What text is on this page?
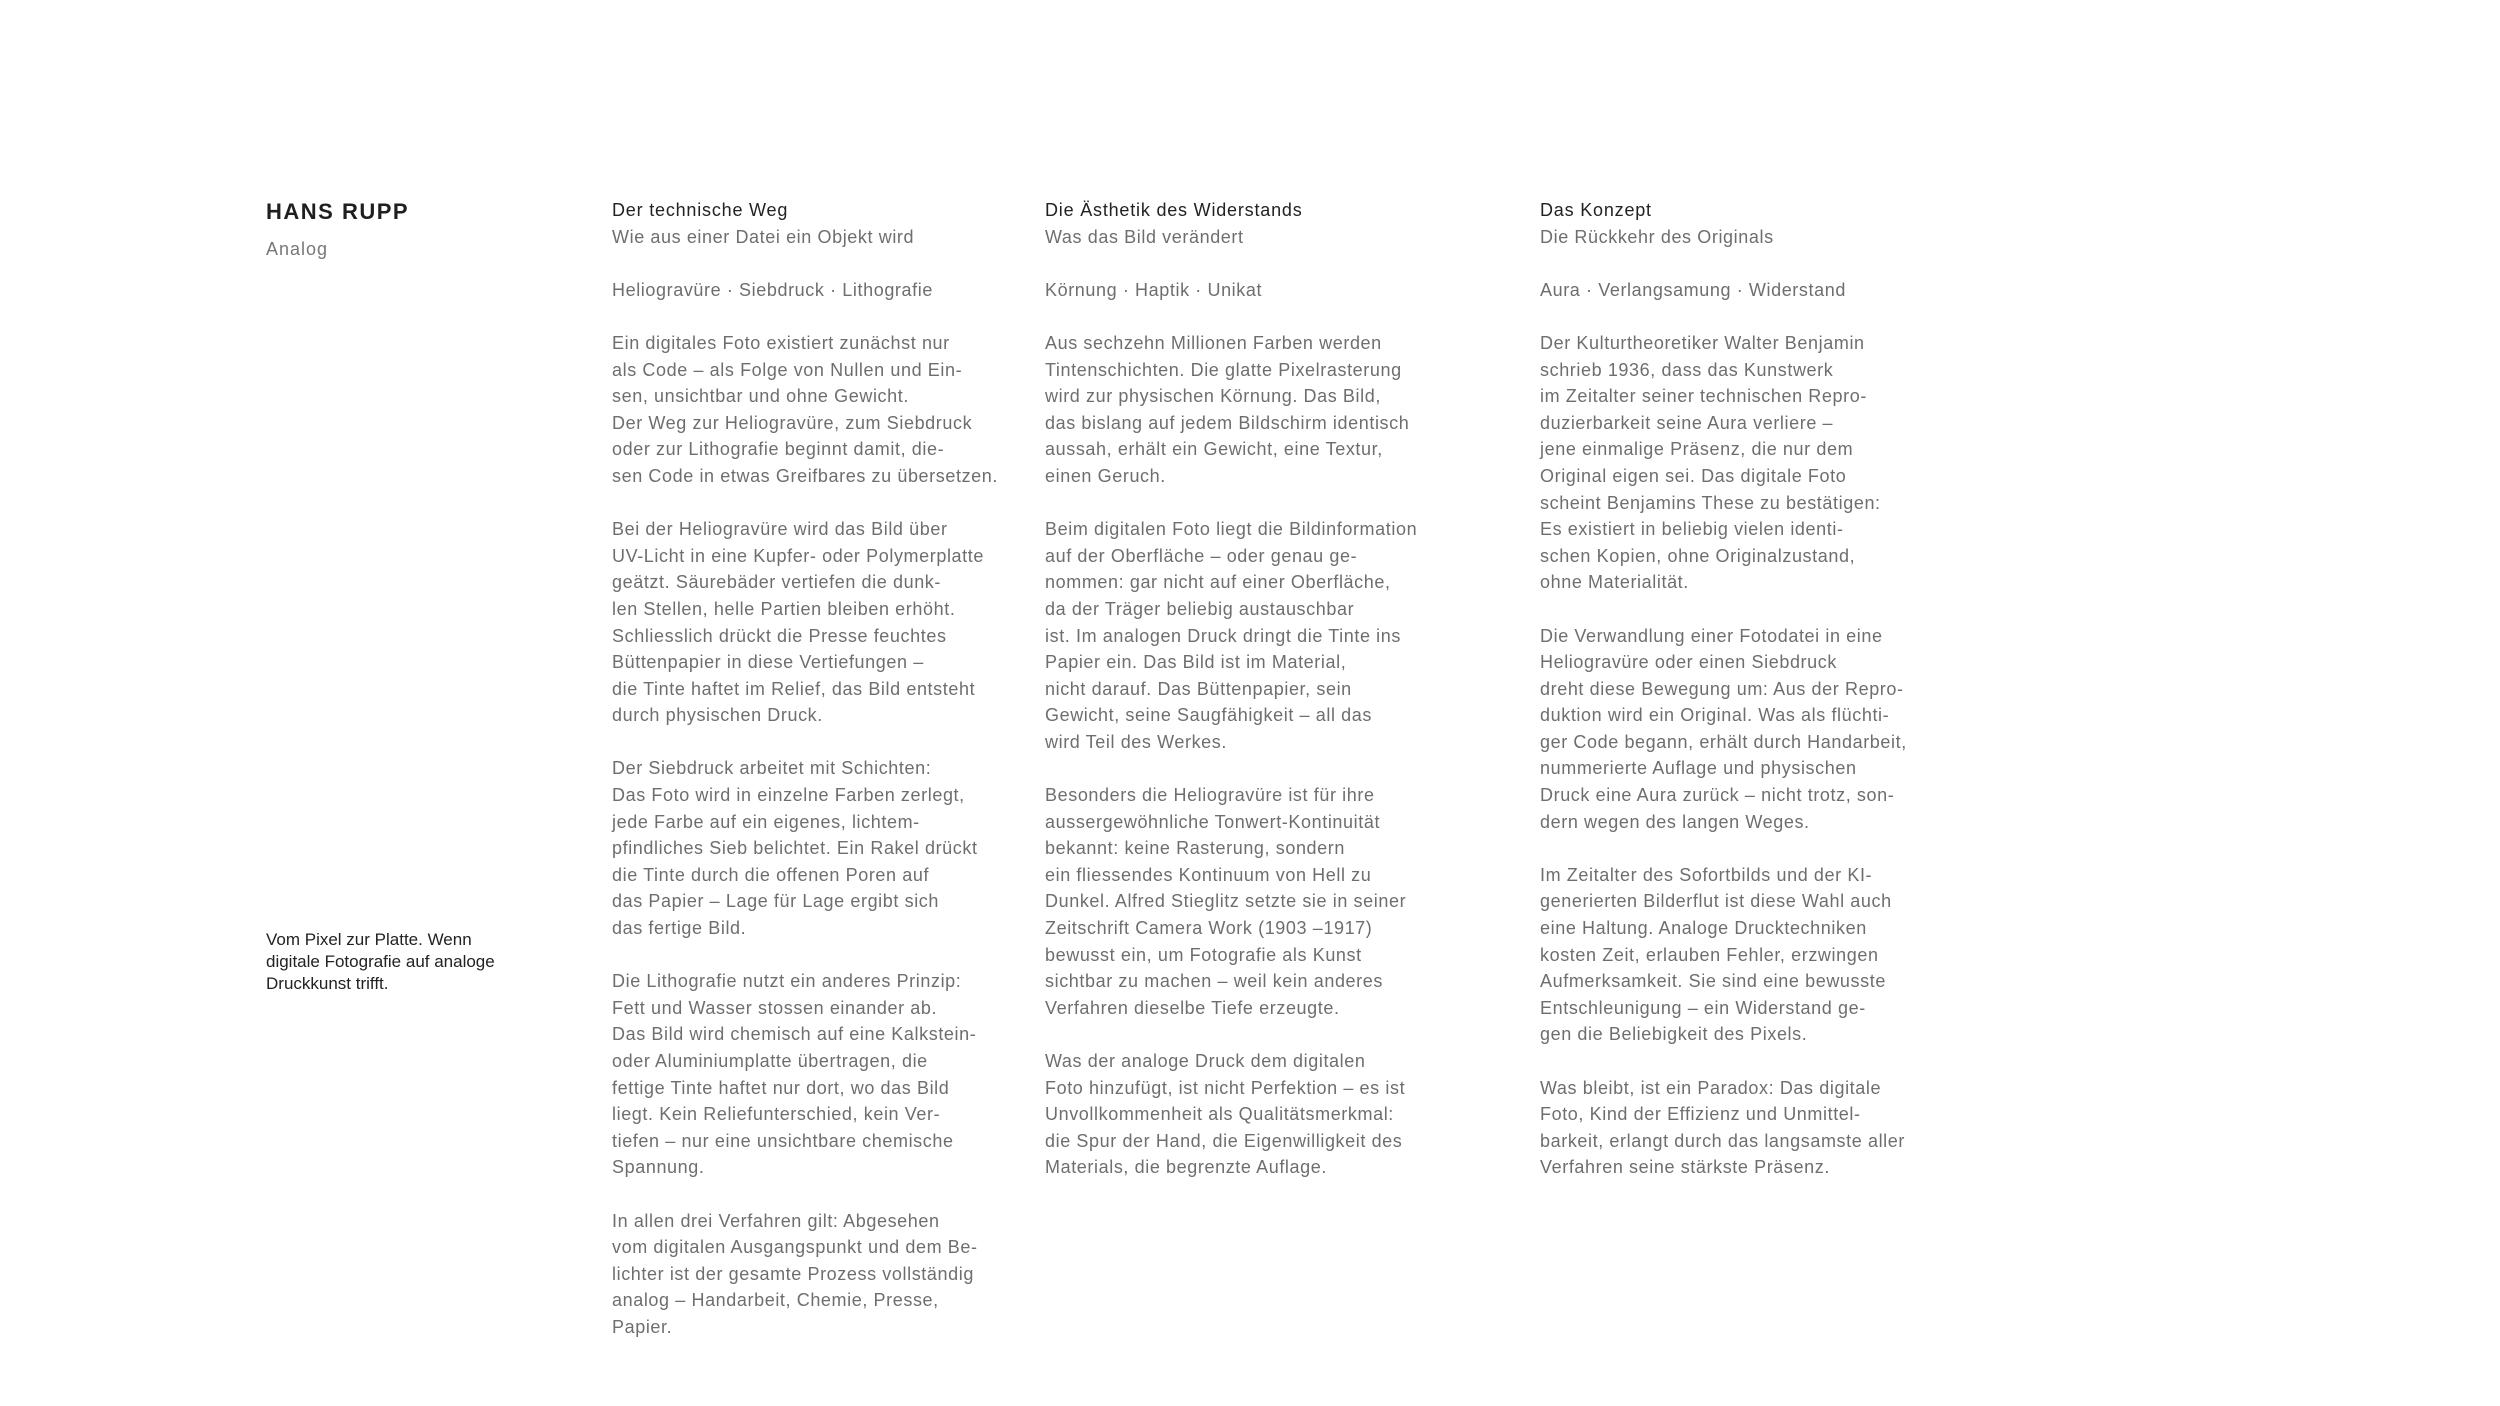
HANS RUPP
Analog
Vom Pixel zur Platte. Wenn
digitale Fotografie auf analoge
Druckkunst trifft.
Der technische Weg
Wie aus einer Datei ein Objekt wird
Heliogravüre · Siebdruck · Lithografie
Ein digitales Foto existiert zunächst nur
als Code – als Folge von Nullen und Ein-
sen, unsichtbar und ohne Gewicht.
Der Weg zur Heliogravüre, zum Siebdruck
oder zur Lithografie beginnt damit, die-
sen Code in etwas Greifbares zu übersetzen.
Bei der Heliogravüre wird das Bild über
UV-Licht in eine Kupfer- oder Polymerplatte
geätzt. Säurebäder vertiefen die dunk-
len Stellen, helle Partien bleiben erhöht.
Schliesslich drückt die Presse feuchtes
Büttenpapier in diese Vertiefungen –
die Tinte haftet im Relief, das Bild entsteht
durch physischen Druck.
Der Siebdruck arbeitet mit Schichten:
Das Foto wird in einzelne Farben zerlegt,
jede Farbe auf ein eigenes, lichtem-
pfindliches Sieb belichtet. Ein Rakel drückt
die Tinte durch die offenen Poren auf
das Papier – Lage für Lage ergibt sich
das fertige Bild.
Die Lithografie nutzt ein anderes Prinzip:
Fett und Wasser stossen einander ab.
Das Bild wird chemisch auf eine Kalkstein-
oder Aluminiumplatte übertragen, die
fettige Tinte haftet nur dort, wo das Bild
liegt. Kein Reliefunterschied, kein Ver-
tiefen – nur eine unsichtbare chemische
Spannung.
In allen drei Verfahren gilt: Abgesehen
vom digitalen Ausgangspunkt und dem Be-
lichter ist der gesamte Prozess vollständig
analog – Handarbeit, Chemie, Presse,
Papier.
Die Ästhetik des Widerstands
Was das Bild verändert
Körnung · Haptik · Unikat
Aus sechzehn Millionen Farben werden
Tintenschichten. Die glatte Pixelrasterung
wird zur physischen Körnung. Das Bild,
das bislang auf jedem Bildschirm identisch
aussah, erhält ein Gewicht, eine Textur,
einen Geruch.
Beim digitalen Foto liegt die Bildinformation
auf der Oberfläche – oder genau ge-
nommen: gar nicht auf einer Oberfläche,
da der Träger beliebig austauschbar
ist. Im analogen Druck dringt die Tinte ins
Papier ein. Das Bild ist im Material,
nicht darauf. Das Büttenpapier, sein
Gewicht, seine Saugfähigkeit – all das
wird Teil des Werkes.
Besonders die Heliogravüre ist für ihre
aussergewöhnliche Tonwert-Kontinuität
bekannt: keine Rasterung, sondern
ein fliessendes Kontinuum von Hell zu
Dunkel. Alfred Stieglitz setzte sie in seiner
Zeitschrift Camera Work (1903 –1917)
bewusst ein, um Fotografie als Kunst
sichtbar zu machen – weil kein anderes
Verfahren dieselbe Tiefe erzeugte.
Was der analoge Druck dem digitalen
Foto hinzufügt, ist nicht Perfektion – es ist
Unvollkommenheit als Qualitätsmerkmal:
die Spur der Hand, die Eigenwilligkeit des
Materials, die begrenzte Auflage.
Das Konzept
Die Rückkehr des Originals
Aura · Verlangsamung · Widerstand
Der Kulturtheoretiker Walter Benjamin
schrieb 1936, dass das Kunstwerk
im Zeitalter seiner technischen Repro-
duzierbarkeit seine Aura verliere –
jene einmalige Präsenz, die nur dem
Original eigen sei. Das digitale Foto
scheint Benjamins These zu bestätigen:
Es existiert in beliebig vielen identi-
schen Kopien, ohne Originalzustand,
ohne Materialität.
Die Verwandlung einer Fotodatei in eine
Heliogravüre oder einen Siebdruck
dreht diese Bewegung um: Aus der Repro-
duktion wird ein Original. Was als flüchti-
ger Code begann, erhält durch Handarbeit,
nummerierte Auflage und physischen
Druck eine Aura zurück – nicht trotz, son-
dern wegen des langen Weges.
Im Zeitalter des Sofortbilds und der KI-
generierten Bilderflut ist diese Wahl auch
eine Haltung. Analoge Drucktechniken
kosten Zeit, erlauben Fehler, erzwingen
Aufmerksamkeit. Sie sind eine bewusste
Entschleunigung – ein Widerstand ge-
gen die Beliebigkeit des Pixels.
Was bleibt, ist ein Paradox: Das digitale
Foto, Kind der Effizienz und Unmittel-
barkeit, erlangt durch das langsamste aller
Verfahren seine stärkste Präsenz.
